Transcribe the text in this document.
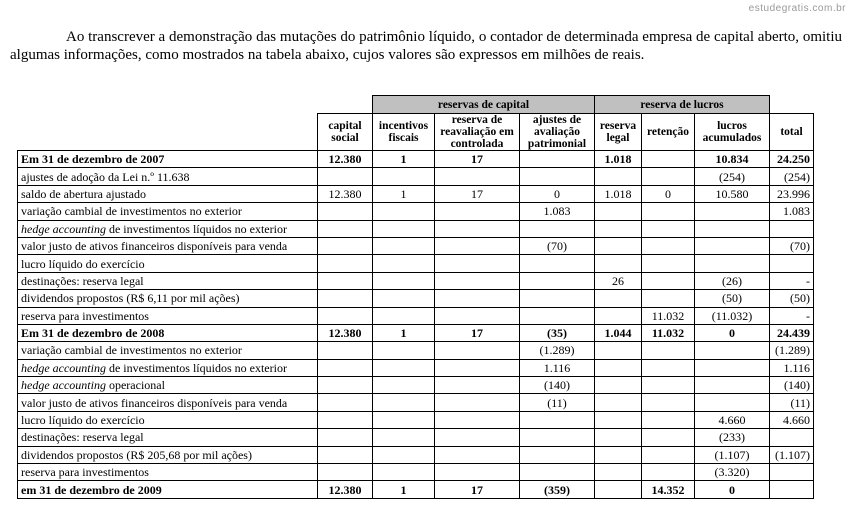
estudegratis.com.br
Ao transcrever a demonstração das mutações do patrimônio líquido, o contador de determinada empresa de capital aberto, omitiu algumas informações, como mostrados na tabela abaixo, cujos valores são expressos em milhões de reais.
		reservas de capital			reserva de lucros			

	capital social	incentivos fiscais	reserva de reavaliação em controlada	ajustes de avaliação patrimonial	reserva legal	retenção	lucros acumulados	total

Em 31 de dezembro de 2007	12.380	1	17		1.018		10.834	24.250
ajustes de adoção da Lei n.º 11.638							(254)	(254)
saldo de abertura ajustado	12.380	1	17	0	1.018	0	10.580	23.996
variação cambial de investimentos no exterior				1.083				1.083
hedge accounting de investimentos líquidos no exterior								
valor justo de ativos financeiros disponíveis para venda				(70)				(70)
lucro líquido do exercício								
destinações: reserva legal					26		(26)	-
dividendos propostos (R$ 6,11 por mil ações)							(50)	(50)
reserva para investimentos						11.032	(11.032)	-
Em 31 de dezembro de 2008	12.380	1	17	(35)	1.044	11.032	0	24.439
variação cambial de investimentos no exterior				(1.289)				(1.289)
hedge accounting de investimentos líquidos no exterior				1.116				1.116
hedge accounting operacional				(140)				(140)
valor justo de ativos financeiros disponíveis para venda				(11)				(11)
lucro líquido do exercício							4.660	4.660
destinações: reserva legal							(233)	
dividendos propostos (R$ 205,68 por mil ações)							(1.107)	(1.107)
reserva para investimentos							(3.320)	
em 31 de dezembro de 2009	12.380	1	17	(359)		14.352	0	
